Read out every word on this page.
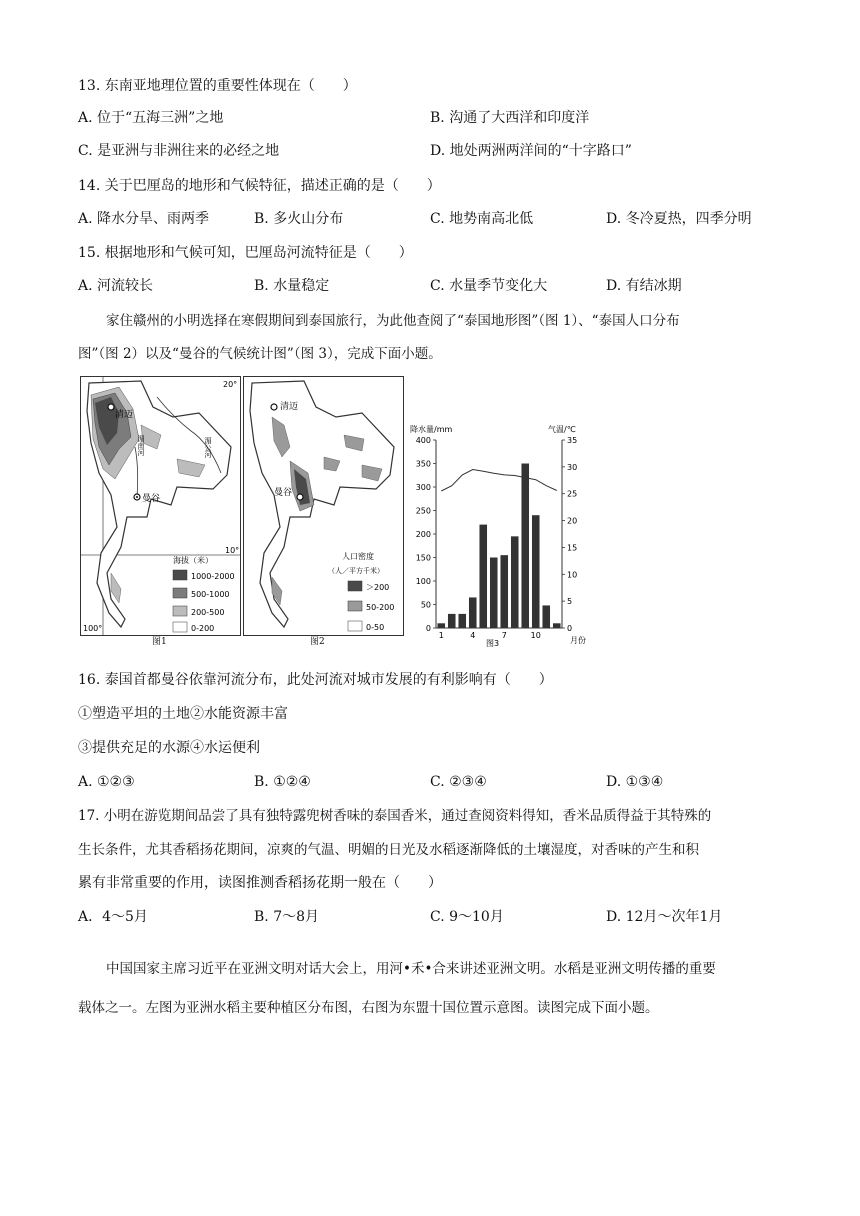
13. 东南亚地理位置的重要性体现在（　　）
A. 位于“五海三洲”之地	B. 沟通了大西洋和印度洋
C. 是亚洲与非洲往来的必经之地	D. 地处两洲两洋间的“十字路口”
14. 关于巴厘岛的地形和气候特征，描述正确的是（　　）
A. 降水分旱、雨两季	B. 多火山分布	C. 地势南高北低	D. 冬冷夏热，四季分明
15. 根据地形和气候可知，巴厘岛河流特征是（　　）
A. 河流较长	B. 水量稳定	C. 水量季节变化大	D. 有结冰期
家住赣州的小明选择在寒假期间到泰国旅行，为此他查阅了“泰国地形图”（图 1）、“泰国人口分布
图”（图 2）以及“曼谷的气候统计图”（图 3），完成下面小题。
清迈
曼谷
湄南河	湄公河
20°
10°
100°
海拔（米）
1000-2000
500-1000
200-500
0-200
图1
清迈
曼谷
人口密度
（人／平方千米）
＞200
50-200
0-50
图2
降水量/mm	气温/℃
0
50
100
150
200
250
300
350
400
0
5
10
15
20
25
30
35
1	4	7	10
月份
图3
16. 泰国首都曼谷依靠河流分布，此处河流对城市发展的有利影响有（　　）
①塑造平坦的土地②水能资源丰富
③提供充足的水源④水运便利
A. ①②③	B. ①②④	C. ②③④	D. ①③④
17. 小明在游览期间品尝了具有独特露兜树香味的泰国香米，通过查阅资料得知，香米品质得益于其特殊的
生长条件，尤其香稻扬花期间，凉爽的气温、明媚的日光及水稻逐渐降低的土壤湿度，对香味的产生和积
累有非常重要的作用，读图推测香稻扬花期一般在（　　）
A．4～5月	B. 7～8月	C. 9～10月	D. 12月～次年1月
中国国家主席习近平在亚洲文明对话大会上，用河•禾•合来讲述亚洲文明。水稻是亚洲文明传播的重要
载体之一。左图为亚洲水稻主要种植区分布图，右图为东盟十国位置示意图。读图完成下面小题。
